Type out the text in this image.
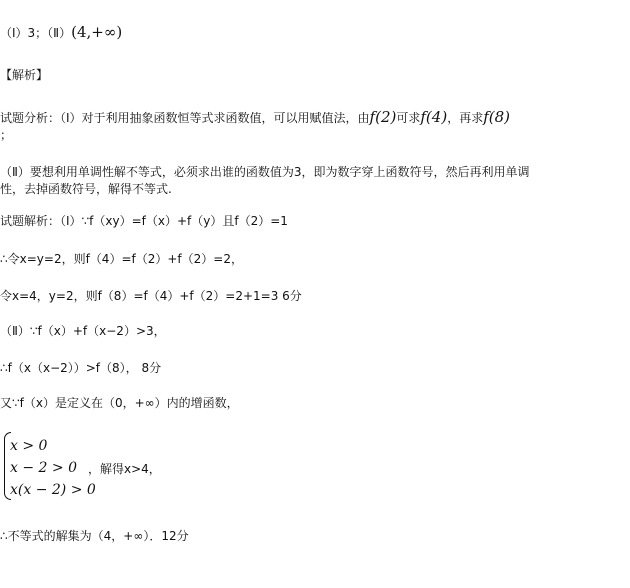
（Ⅰ）3；（Ⅱ）(4,+∞)
【解析】
试题分析：（Ⅰ）对于利用抽象函数恒等式求函数值，可以用赋值法，由f(2)可求f(4)，再求f(8)
；
（Ⅱ）要想利用单调性解不等式，必须求出谁的函数值为3，即为数字穿上函数符号，然后再利用单调
性，去掉函数符号，解得不等式.
试题解析：（Ⅰ）∵f（xy）=f（x）+f（y）且f（2）=1
∴令x=y=2，则f（4）=f（2）+f（2）=2，
令x=4，y=2，则f（8）=f（4）+f（2）=2+1=3 6分
（Ⅱ）∵f（x）+f（x−2）>3，
∴f（x（x−2））>f（8）， 8分
又∵f（x）是定义在（0，+∞）内的增函数，
x > 0
x − 2 > 0
x(x − 2) > 0
，解得x>4，
∴不等式的解集为（4，+∞）．12分
